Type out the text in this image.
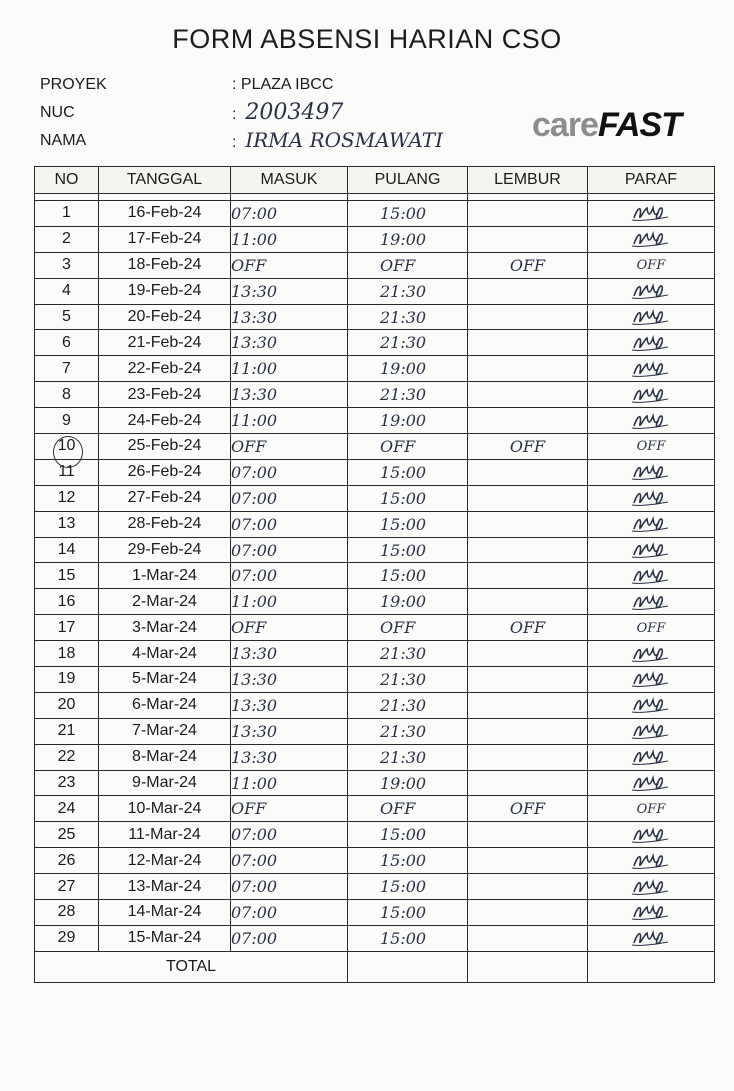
FORM ABSENSI HARIAN CSO
PROYEK	: PLAZA IBCC
NUC	:  2003497
NAMA	:  IRMA ROSMAWATI	careFAST
NO	TANGGAL	MASUK	PULANG	LEMBUR	PARAF

1	16-Feb-24	07:00	15:00		

2	17-Feb-24	11:00	19:00		

3	18-Feb-24	OFF	OFF	OFF	OFF
4	19-Feb-24	13:30	21:30		

5	20-Feb-24	13:30	21:30		

6	21-Feb-24	13:30	21:30		

7	22-Feb-24	11:00	19:00		

8	23-Feb-24	13:30	21:30		

9	24-Feb-24	11:00	19:00		

10	25-Feb-24	OFF	OFF	OFF	OFF
11	26-Feb-24	07:00	15:00		

12	27-Feb-24	07:00	15:00		

13	28-Feb-24	07:00	15:00		

14	29-Feb-24	07:00	15:00		

15	1-Mar-24	07:00	15:00		

16	2-Mar-24	11:00	19:00		

17	3-Mar-24	OFF	OFF	OFF	OFF
18	4-Mar-24	13:30	21:30		

19	5-Mar-24	13:30	21:30		

20	6-Mar-24	13:30	21:30		

21	7-Mar-24	13:30	21:30		

22	8-Mar-24	13:30	21:30		

23	9-Mar-24	11:00	19:00		

24	10-Mar-24	OFF	OFF	OFF	OFF
25	11-Mar-24	07:00	15:00		

26	12-Mar-24	07:00	15:00		

27	13-Mar-24	07:00	15:00		

28	14-Mar-24	07:00	15:00		

29	15-Mar-24	07:00	15:00		

TOTAL					
